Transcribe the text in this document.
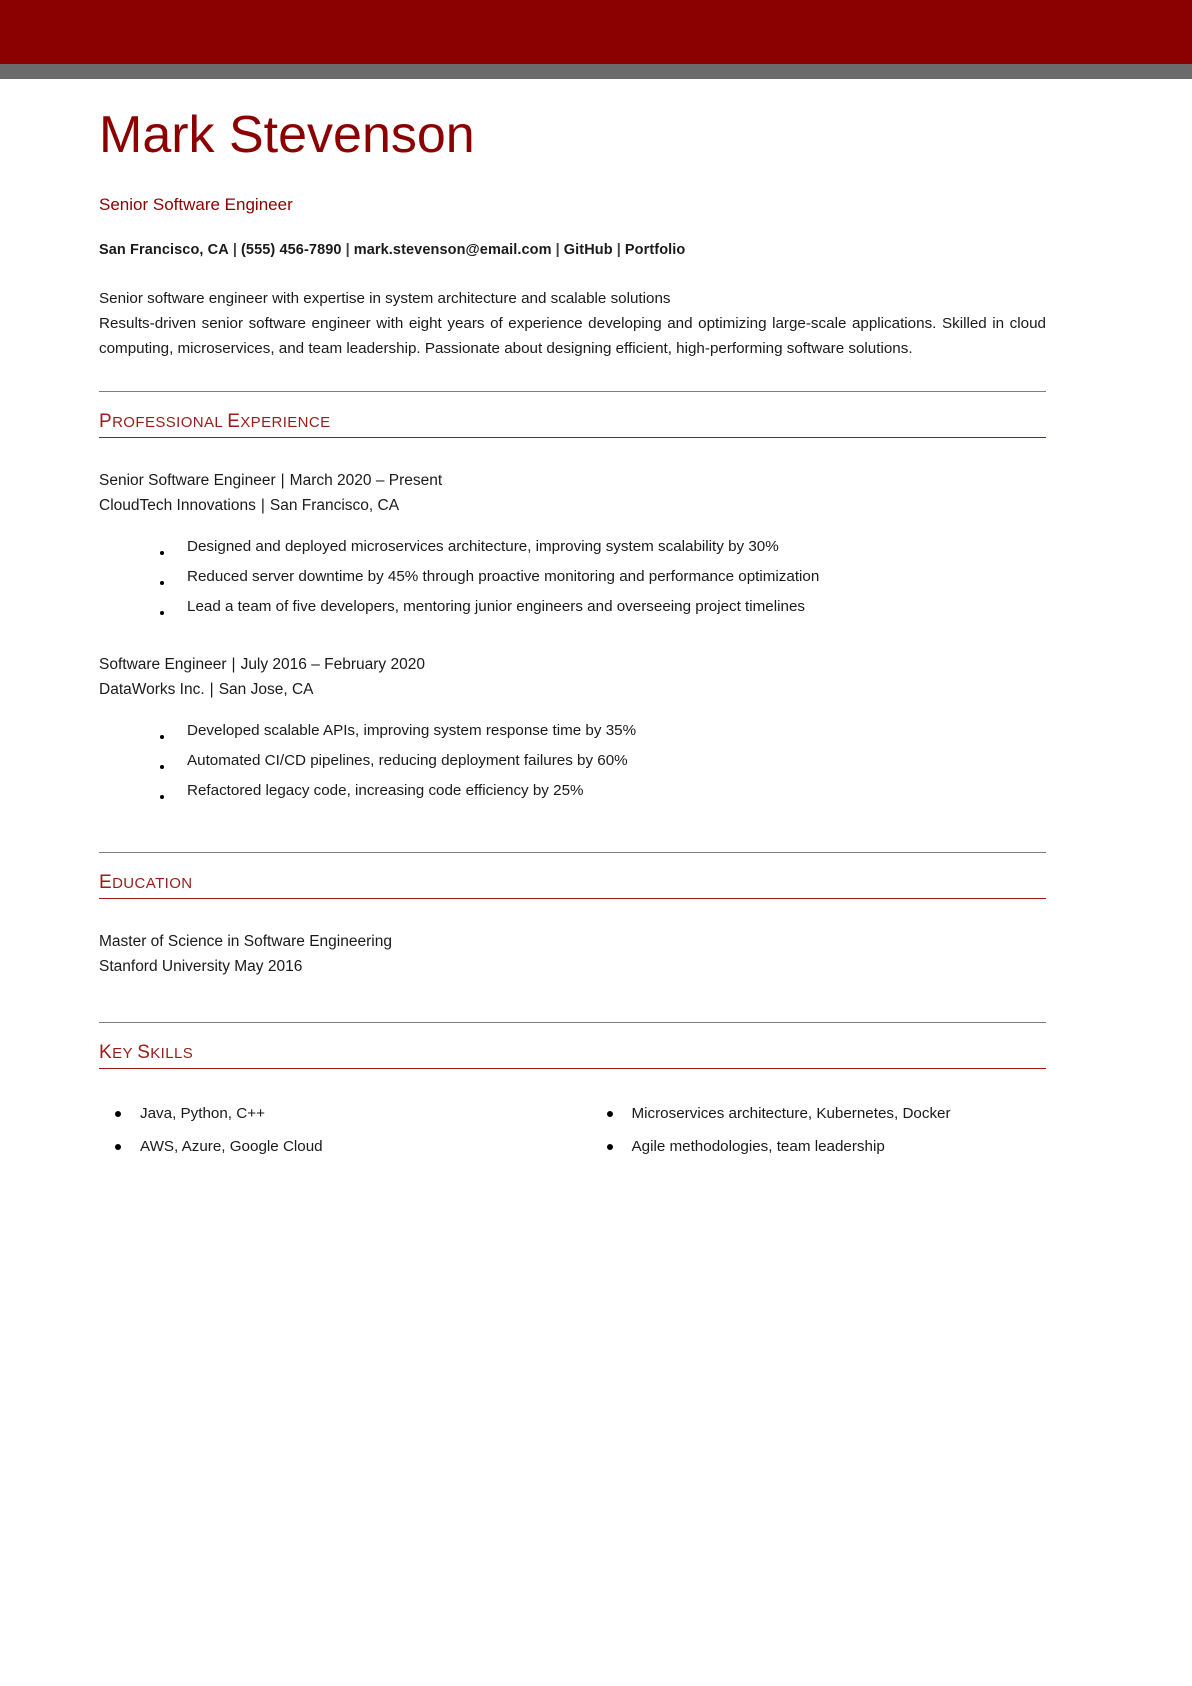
Mark Stevenson
Senior Software Engineer
San Francisco, CA | (555) 456-7890 | mark.stevenson@email.com | GitHub | Portfolio
Senior software engineer with expertise in system architecture and scalable solutions
Results-driven senior software engineer with eight years of experience developing and optimizing large-scale applications. Skilled in cloud computing, microservices, and team leadership. Passionate about designing efficient, high-performing software solutions.
PROFESSIONAL EXPERIENCE
Senior Software Engineer | March 2020 – Present
CloudTech Innovations | San Francisco, CA
Designed and deployed microservices architecture, improving system scalability by 30%
Reduced server downtime by 45% through proactive monitoring and performance optimization
Lead a team of five developers, mentoring junior engineers and overseeing project timelines
Software Engineer | July 2016 – February 2020
DataWorks Inc. | San Jose, CA
Developed scalable APIs, improving system response time by 35%
Automated CI/CD pipelines, reducing deployment failures by 60%
Refactored legacy code, increasing code efficiency by 25%
EDUCATION
Master of Science in Software Engineering
Stanford University May 2016
KEY SKILLS
Java, Python, C++
AWS, Azure, Google Cloud
Microservices architecture, Kubernetes, Docker
Agile methodologies, team leadership
